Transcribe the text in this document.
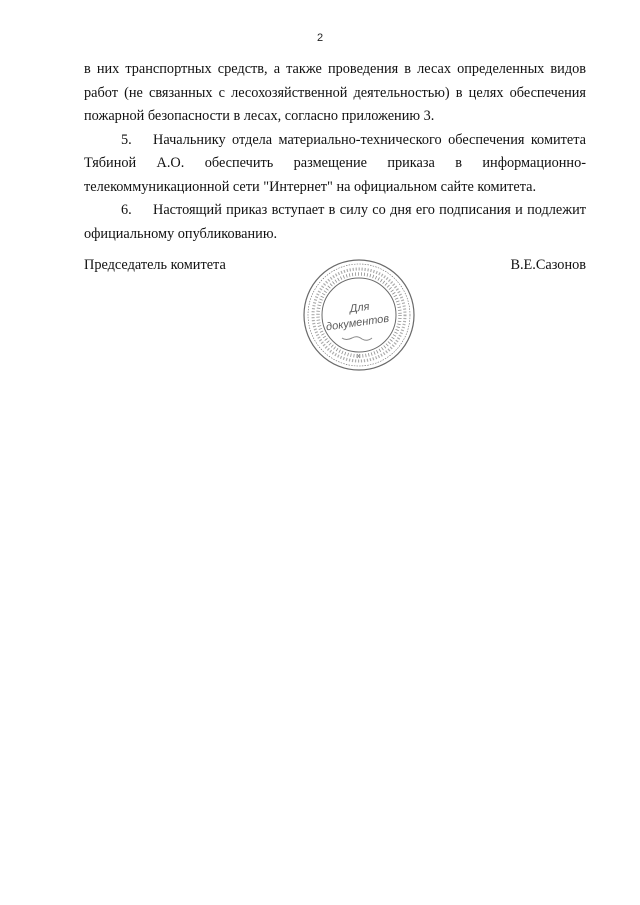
2

в них транспортных средств, а также проведения в лесах определенных видов работ (не связанных с лесохозяйственной деятельностью) в целях обеспечения пожарной безопасности в лесах, согласно приложению 3.

5. Начальнику отдела материально-технического обеспечения комитета Тябиной А.О. обеспечить размещение приказа в информационно-телекоммуникационной сети "Интернет" на официальном сайте комитета.

6. Настоящий приказ вступает в силу со дня его подписания и подлежит официальному опубликованию.

Председатель комитета	В.Е.Сазонов
Для
документов
